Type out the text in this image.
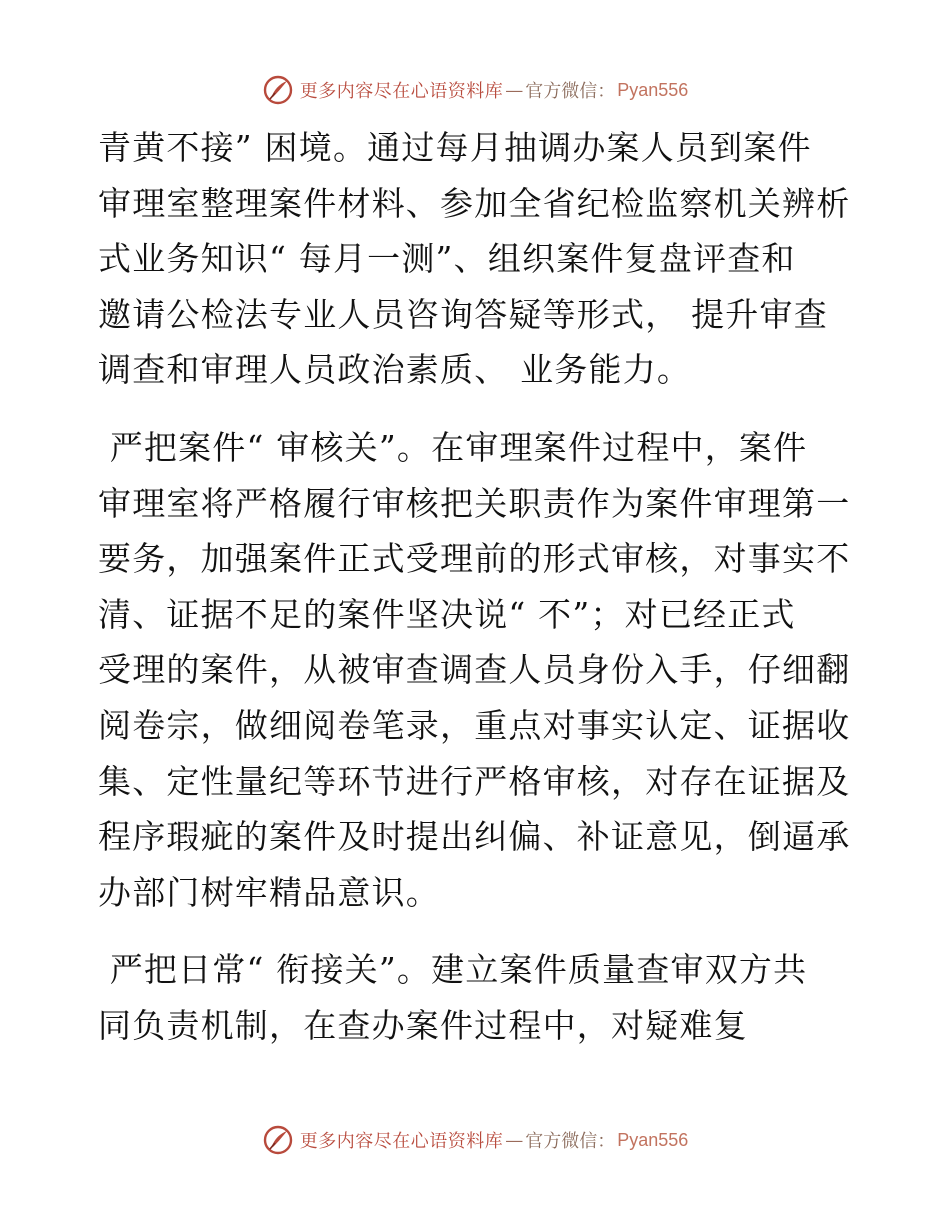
更多内容尽在心语资料库 — 官方微信： Pyan556
青黄不接” 困境。通过每月抽调办案人员到案件
审理室整理案件材料、参加全省纪检监察机关辨析
式业务知识“ 每月一测”、组织案件复盘评查和
邀请公检法专业人员咨询答疑等形式， 提升审查
调查和审理人员政治素质、 业务能力。
严把案件“ 审核关”。在审理案件过程中，案件
审理室将严格履行审核把关职责作为案件审理第一
要务，加强案件正式受理前的形式审核，对事实不
清、证据不足的案件坚决说“ 不”；对已经正式
受理的案件，从被审查调查人员身份入手，仔细翻
阅卷宗，做细阅卷笔录，重点对事实认定、证据收
集、定性量纪等环节进行严格审核，对存在证据及
程序瑕疵的案件及时提出纠偏、补证意见，倒逼承
办部门树牢精品意识。
严把日常“ 衔接关”。建立案件质量查审双方共
同负责机制，在查办案件过程中，对疑难复
更多内容尽在心语资料库 — 官方微信： Pyan556
